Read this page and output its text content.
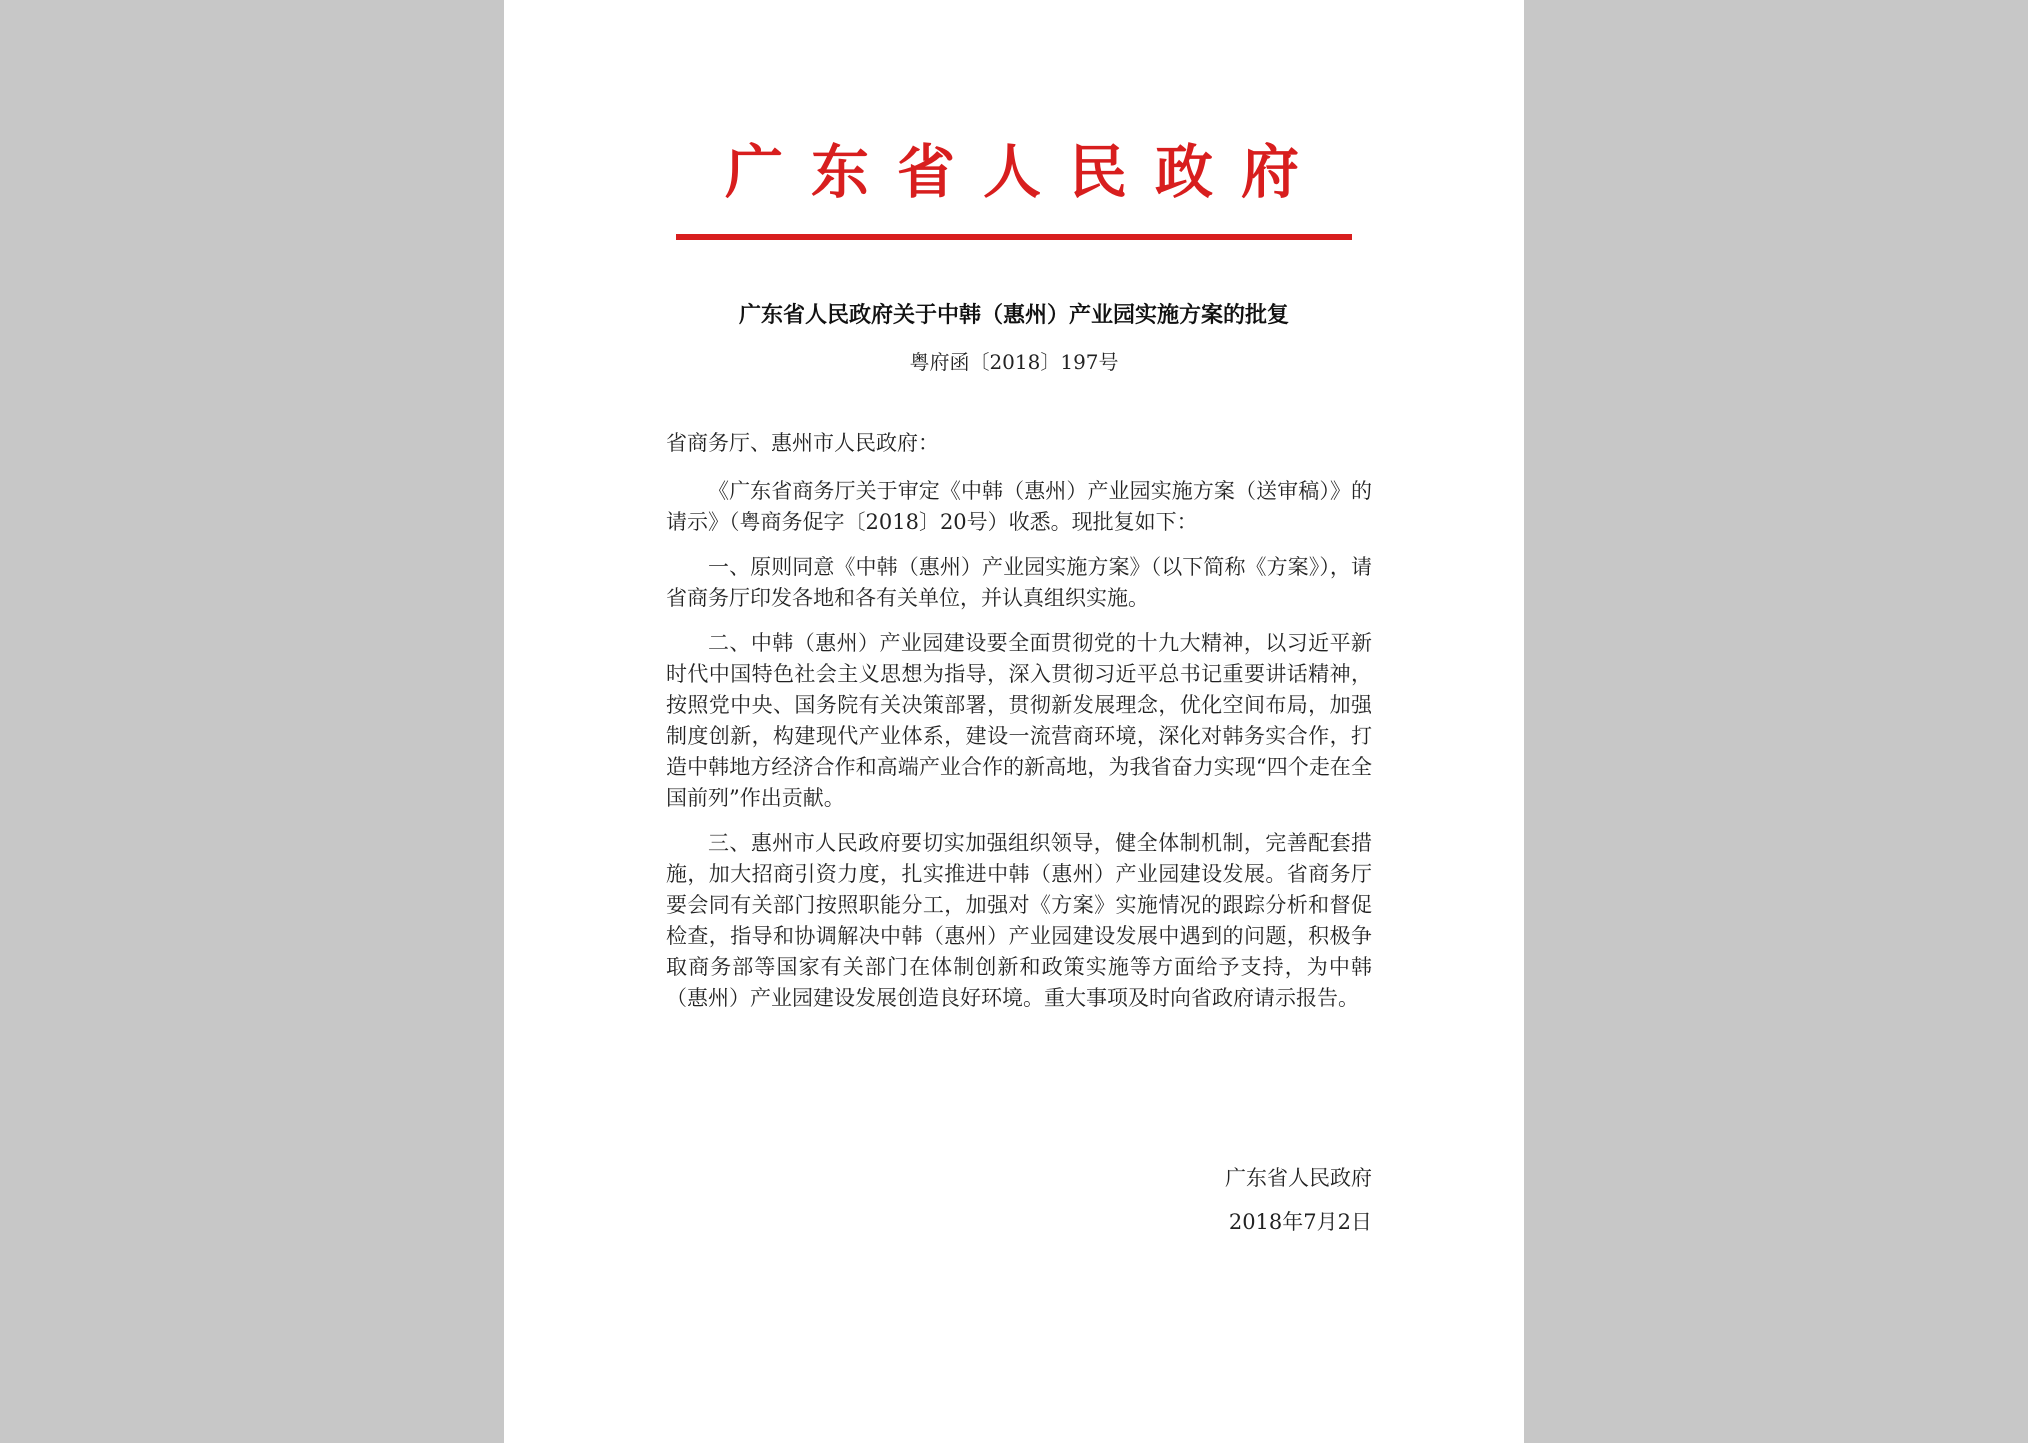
广东省人民政府
广东省人民政府关于中韩（惠州）产业园实施方案的批复
粤府函〔2018〕197号

省商务厅、惠州市人民政府：

《广东省商务厅关于审定《中韩（惠州）产业园实施方案（送审稿）》的请示》（粤商务促字〔2018〕20号）收悉。现批复如下：

一、原则同意《中韩（惠州）产业园实施方案》（以下简称《方案》），请省商务厅印发各地和各有关单位，并认真组织实施。

二、中韩（惠州）产业园建设要全面贯彻党的十九大精神，以习近平新时代中国特色社会主义思想为指导，深入贯彻习近平总书记重要讲话精神，按照党中央、国务院有关决策部署，贯彻新发展理念，优化空间布局，加强制度创新，构建现代产业体系，建设一流营商环境，深化对韩务实合作，打造中韩地方经济合作和高端产业合作的新高地，为我省奋力实现“四个走在全国前列”作出贡献。

三、惠州市人民政府要切实加强组织领导，健全体制机制，完善配套措施，加大招商引资力度，扎实推进中韩（惠州）产业园建设发展。省商务厅要会同有关部门按照职能分工，加强对《方案》实施情况的跟踪分析和督促检查，指导和协调解决中韩（惠州）产业园建设发展中遇到的问题，积极争取商务部等国家有关部门在体制创新和政策实施等方面给予支持，为中韩（惠州）产业园建设发展创造良好环境。重大事项及时向省政府请示报告。

广东省人民政府
2018年7月2日
